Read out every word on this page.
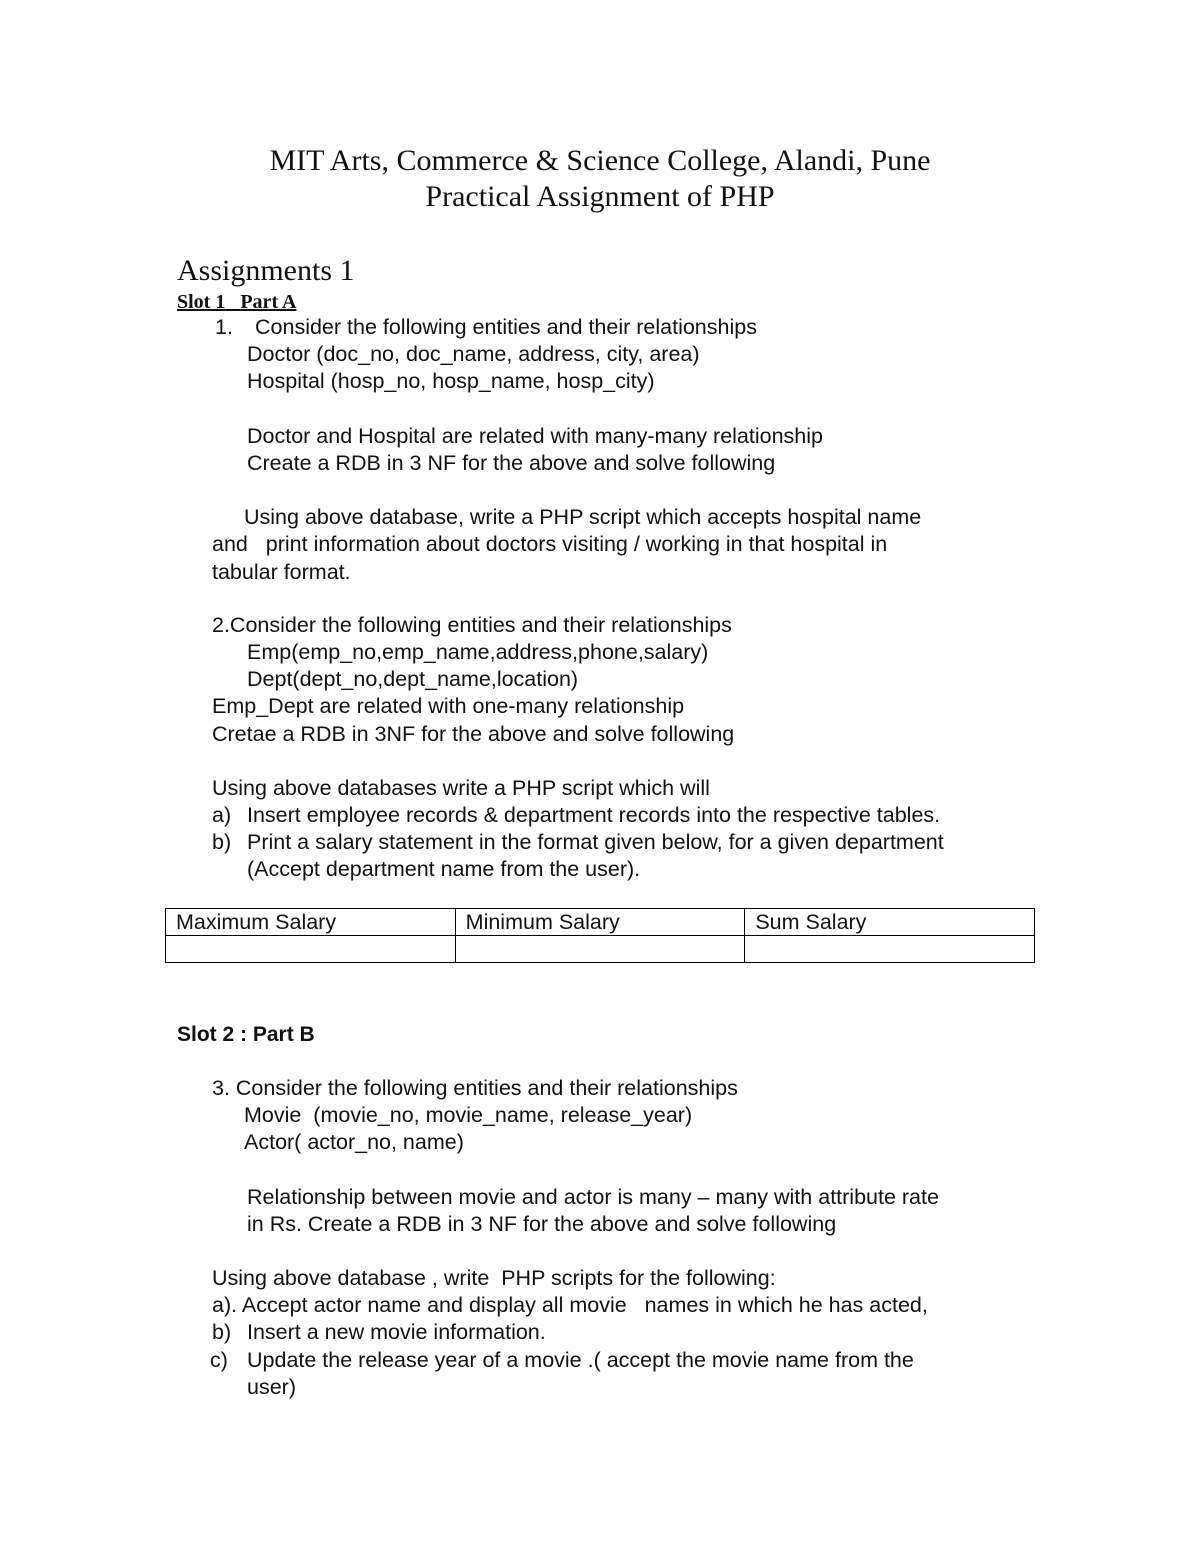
MIT Arts, Commerce & Science College, Alandi, Pune
Practical Assignment of PHP
Assignments 1
Slot 1 Part A
1. Consider the following entities and their relationships
Doctor (doc_no, doc_name, address, city, area)
Hospital (hosp_no, hosp_name, hosp_city)
Doctor and Hospital are related with many-many relationship
Create a RDB in 3 NF for the above and solve following
Using above database, write a PHP script which accepts hospital name
and   print information about doctors visiting / working in that hospital in
tabular format.
2.Consider the following entities and their relationships
Emp(emp_no,emp_name,address,phone,salary)
Dept(dept_no,dept_name,location)
Emp_Dept are related with one-many relationship
Cretae a RDB in 3NF for the above and solve following
Using above databases write a PHP script which will
a) Insert employee records & department records into the respective tables.
b) Print a salary statement in the format given below, for a given department
(Accept department name from the user).
Maximum Salary	Minimum Salary	Sum Salary

Slot 2 : Part B
3. Consider the following entities and their relationships
Movie  (movie_no, movie_name, release_year)
Actor( actor_no, name)
Relationship between movie and actor is many – many with attribute rate
in Rs. Create a RDB in 3 NF for the above and solve following
Using above database , write  PHP scripts for the following:
a). Accept actor name and display all movie   names in which he has acted,
b) Insert a new movie information.
c) Update the release year of a movie .( accept the movie name from the
user)
